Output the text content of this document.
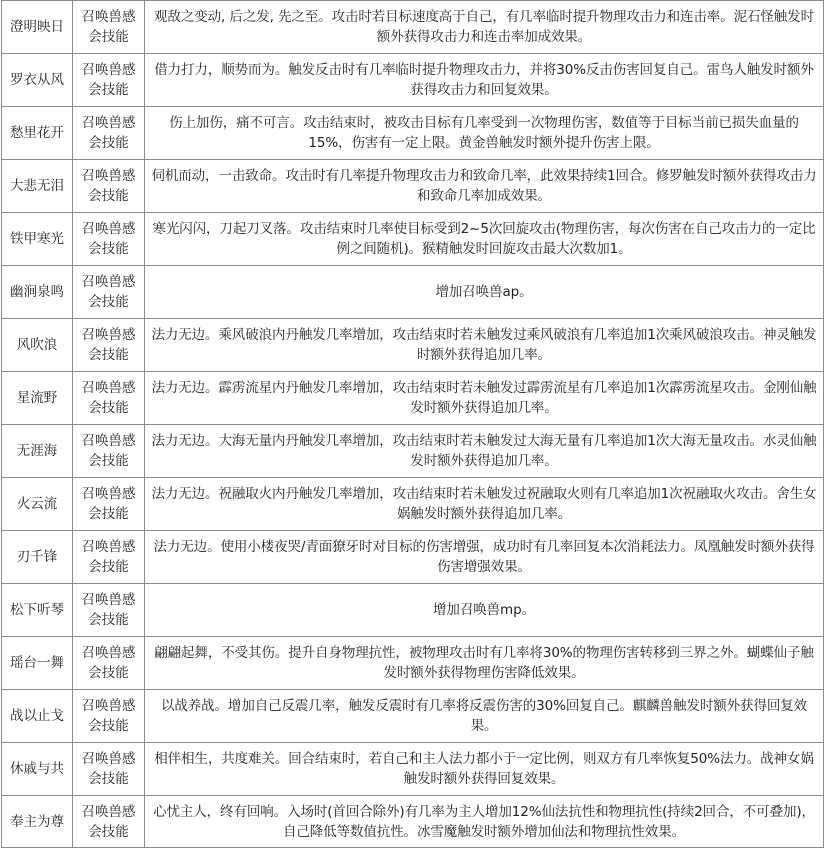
澄明映日	召唤兽感会技能	观敌之变动, 后之发, 先之至。攻击时若目标速度高于自己，有几率临时提升物理攻击力和连击率。泥石怪触发时额外获得攻击力和连击率加成效果。
罗衣从风	召唤兽感会技能	借力打力，顺势而为。触发反击时有几率临时提升物理攻击力，并将30%反击伤害回复自己。雷鸟人触发时额外获得攻击力和回复效果。
愁里花开	召唤兽感会技能	伤上加伤，痛不可言。攻击结束时，被攻击目标有几率受到一次物理伤害，数值等于目标当前已损失血量的15%，伤害有一定上限。黄金兽触发时额外提升伤害上限。
大悲无泪	召唤兽感会技能	伺机而动，一击致命。攻击时有几率提升物理攻击力和致命几率，此效果持续1回合。修罗触发时额外获得攻击力和致命几率加成效果。
铁甲寒光	召唤兽感会技能	寒光闪闪，刀起刀叉落。攻击结束时几率使目标受到2~5次回旋攻击(物理伤害，每次伤害在自己攻击力的一定比例之间随机)。猴精触发时回旋攻击最大次数加1。
幽涧泉鸣	召唤兽感会技能	增加召唤兽ap。
风吹浪	召唤兽感会技能	法力无边。乘风破浪内丹触发几率增加，攻击结束时若未触发过乘风破浪有几率追加1次乘风破浪攻击。神灵触发时额外获得追加几率。
星流野	召唤兽感会技能	法力无边。霹雳流星内丹触发几率增加，攻击结束时若未触发过霹雳流星有几率追加1次霹雳流星攻击。金刚仙触发时额外获得追加几率。
无涯海	召唤兽感会技能	法力无边。大海无量内丹触发几率增加，攻击结束时若未触发过大海无量有几率追加1次大海无量攻击。水灵仙触发时额外获得追加几率。
火云流	召唤兽感会技能	法力无边。祝融取火内丹触发几率增加，攻击结束时若未触发过祝融取火则有几率追加1次祝融取火攻击。舍生女娲触发时额外获得追加几率。
刃千锋	召唤兽感会技能	法力无边。使用小楼夜哭/青面獠牙时对目标的伤害增强，成功时有几率回复本次消耗法力。凤凰触发时额外获得伤害增强效果。
松下听琴	召唤兽感会技能	增加召唤兽mp。
瑶台一舞	召唤兽感会技能	翩翩起舞，不受其伤。提升自身物理抗性，被物理攻击时有几率将30%的物理伤害转移到三界之外。蝴蝶仙子触发时额外获得物理伤害降低效果。
战以止戈	召唤兽感会技能	以战养战。增加自己反震几率，触发反震时有几率将反震伤害的30%回复自己。麒麟兽触发时额外获得回复效果。
休戚与共	召唤兽感会技能	相伴相生，共度难关。回合结束时，若自己和主人法力都小于一定比例，则双方有几率恢复50%法力。战神女娲触发时额外获得回复效果。
奉主为尊	召唤兽感会技能	心忧主人，终有回响。入场时(首回合除外)有几率为主人增加12%仙法抗性和物理抗性(持续2回合，不可叠加)，自己降低等数值抗性。冰雪魔触发时额外增加仙法和物理抗性效果。
